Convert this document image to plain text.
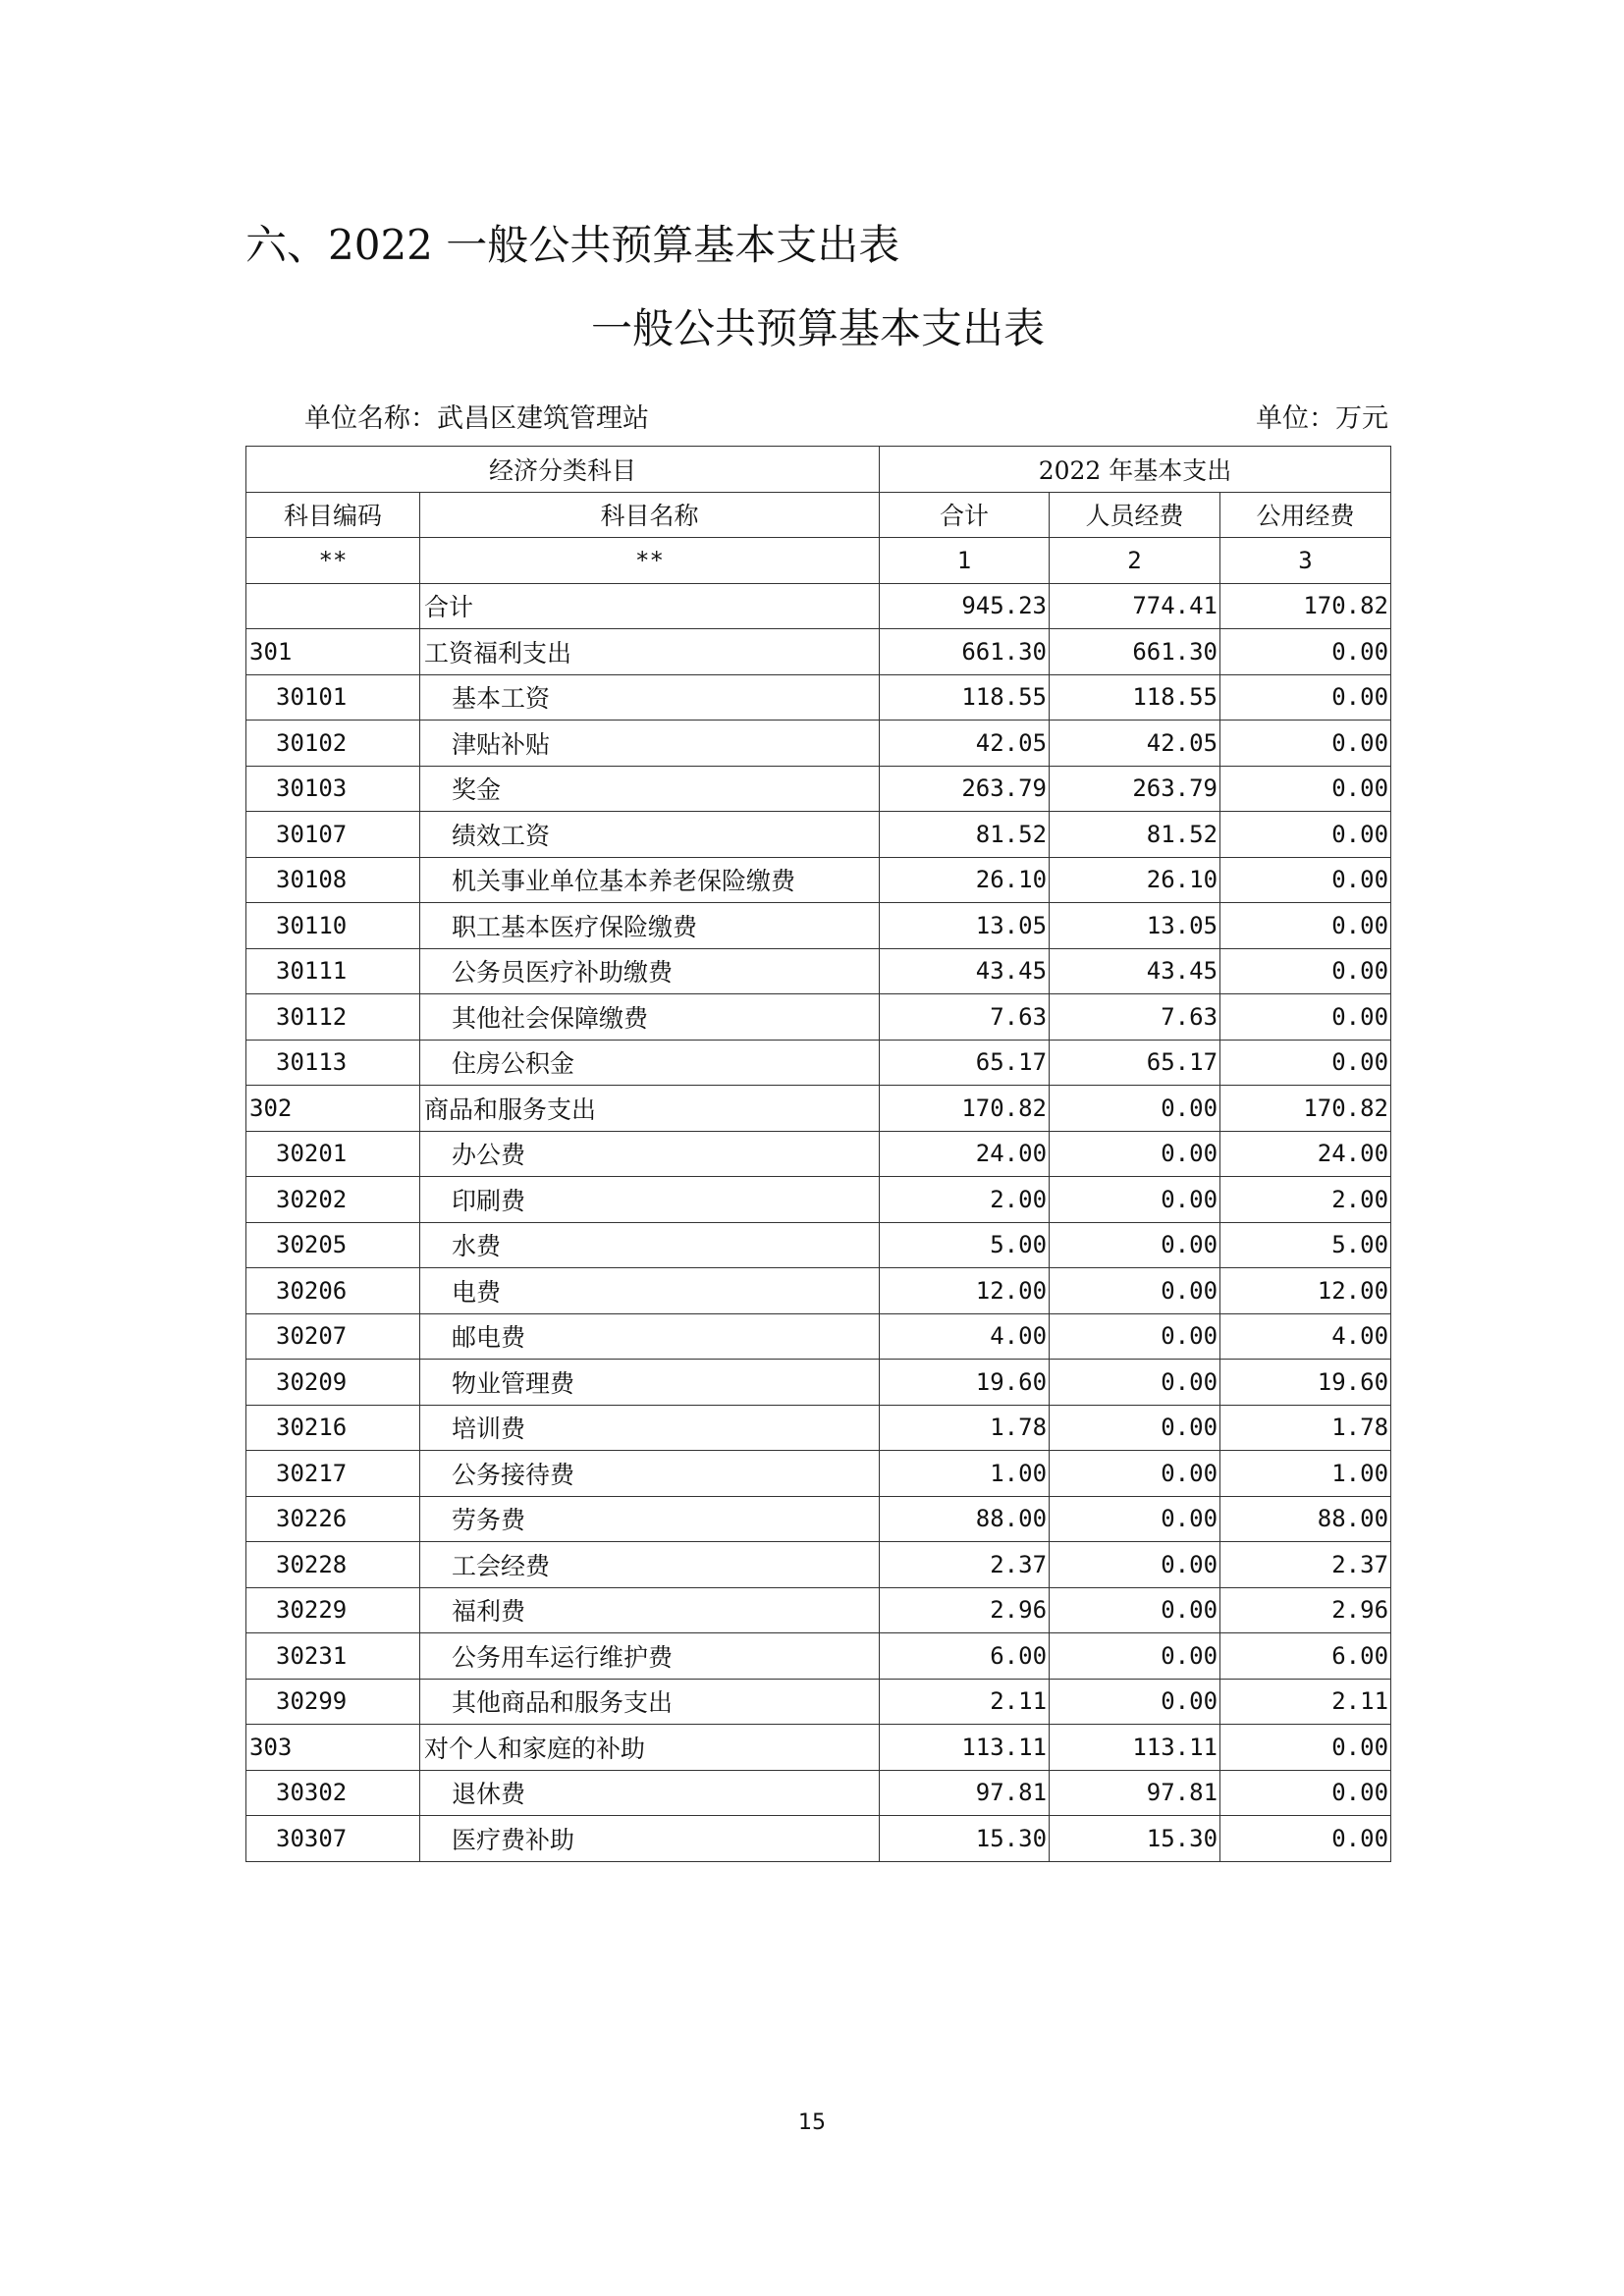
六、2022 一般公共预算基本支出表
一般公共预算基本支出表
单位名称：武昌区建筑管理站	单位：万元
经济分类科目		2022 年基本支出		
科目编码	科目名称	合计	人员经费	公用经费
**	**	1	2	3
	合计	945.23	774.41	170.82
301	工资福利支出	661.30	661.30	0.00
30101	基本工资	118.55	118.55	0.00
30102	津贴补贴	42.05	42.05	0.00
30103	奖金	263.79	263.79	0.00
30107	绩效工资	81.52	81.52	0.00
30108	机关事业单位基本养老保险缴费	26.10	26.10	0.00
30110	职工基本医疗保险缴费	13.05	13.05	0.00
30111	公务员医疗补助缴费	43.45	43.45	0.00
30112	其他社会保障缴费	7.63	7.63	0.00
30113	住房公积金	65.17	65.17	0.00
302	商品和服务支出	170.82	0.00	170.82
30201	办公费	24.00	0.00	24.00
30202	印刷费	2.00	0.00	2.00
30205	水费	5.00	0.00	5.00
30206	电费	12.00	0.00	12.00
30207	邮电费	4.00	0.00	4.00
30209	物业管理费	19.60	0.00	19.60
30216	培训费	1.78	0.00	1.78
30217	公务接待费	1.00	0.00	1.00
30226	劳务费	88.00	0.00	88.00
30228	工会经费	2.37	0.00	2.37
30229	福利费	2.96	0.00	2.96
30231	公务用车运行维护费	6.00	0.00	6.00
30299	其他商品和服务支出	2.11	0.00	2.11
303	对个人和家庭的补助	113.11	113.11	0.00
30302	退休费	97.81	97.81	0.00
30307	医疗费补助	15.30	15.30	0.00
15
